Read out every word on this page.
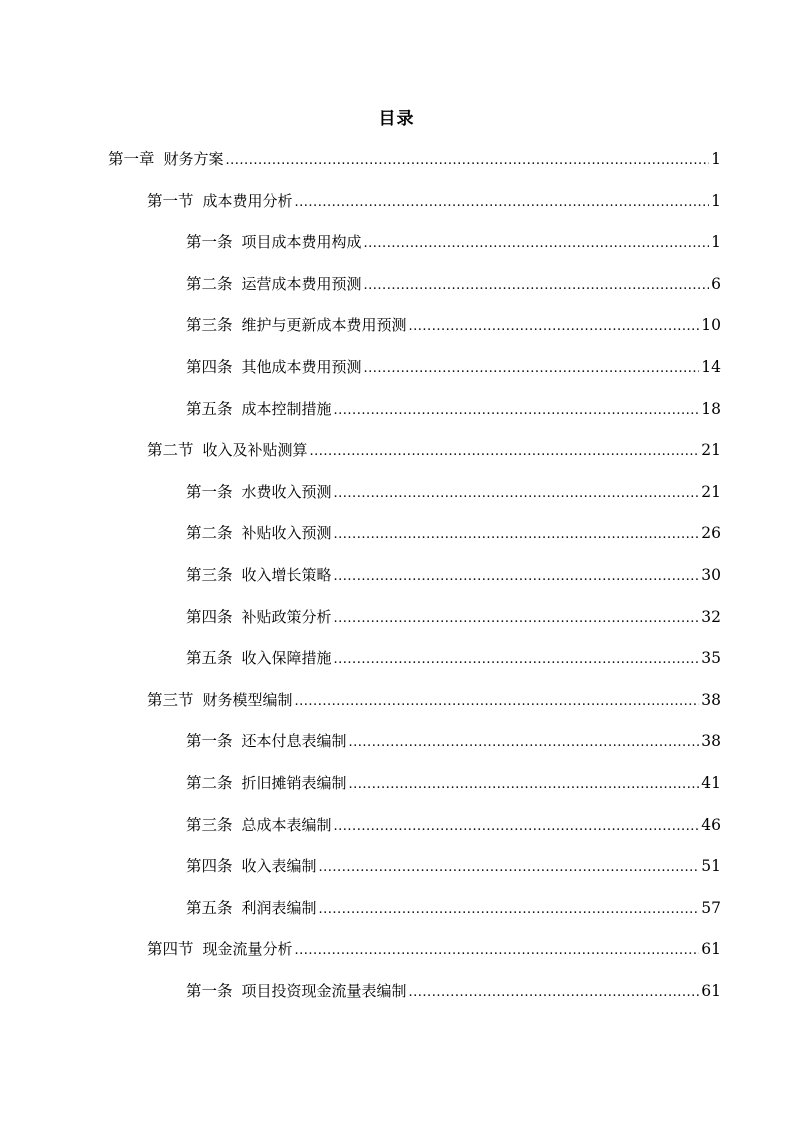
目录
第一章 财务方案 .....	1
第一节 成本费用分析 .....	1
第一条 项目成本费用构成 .....	1
第二条 运营成本费用预测 .....	6
第三条 维护与更新成本费用预测 .....	10
第四条 其他成本费用预测 .....	14
第五条 成本控制措施 .....	18
第二节 收入及补贴测算 .....	21
第一条 水费收入预测 .....	21
第二条 补贴收入预测 .....	26
第三条 收入增长策略 .....	30
第四条 补贴政策分析 .....	32
第五条 收入保障措施 .....	35
第三节 财务模型编制 .....	38
第一条 还本付息表编制 .....	38
第二条 折旧摊销表编制 .....	41
第三条 总成本表编制 .....	46
第四条 收入表编制 .....	51
第五条 利润表编制 .....	57
第四节 现金流量分析 .....	61
第一条 项目投资现金流量表编制 .....	61
